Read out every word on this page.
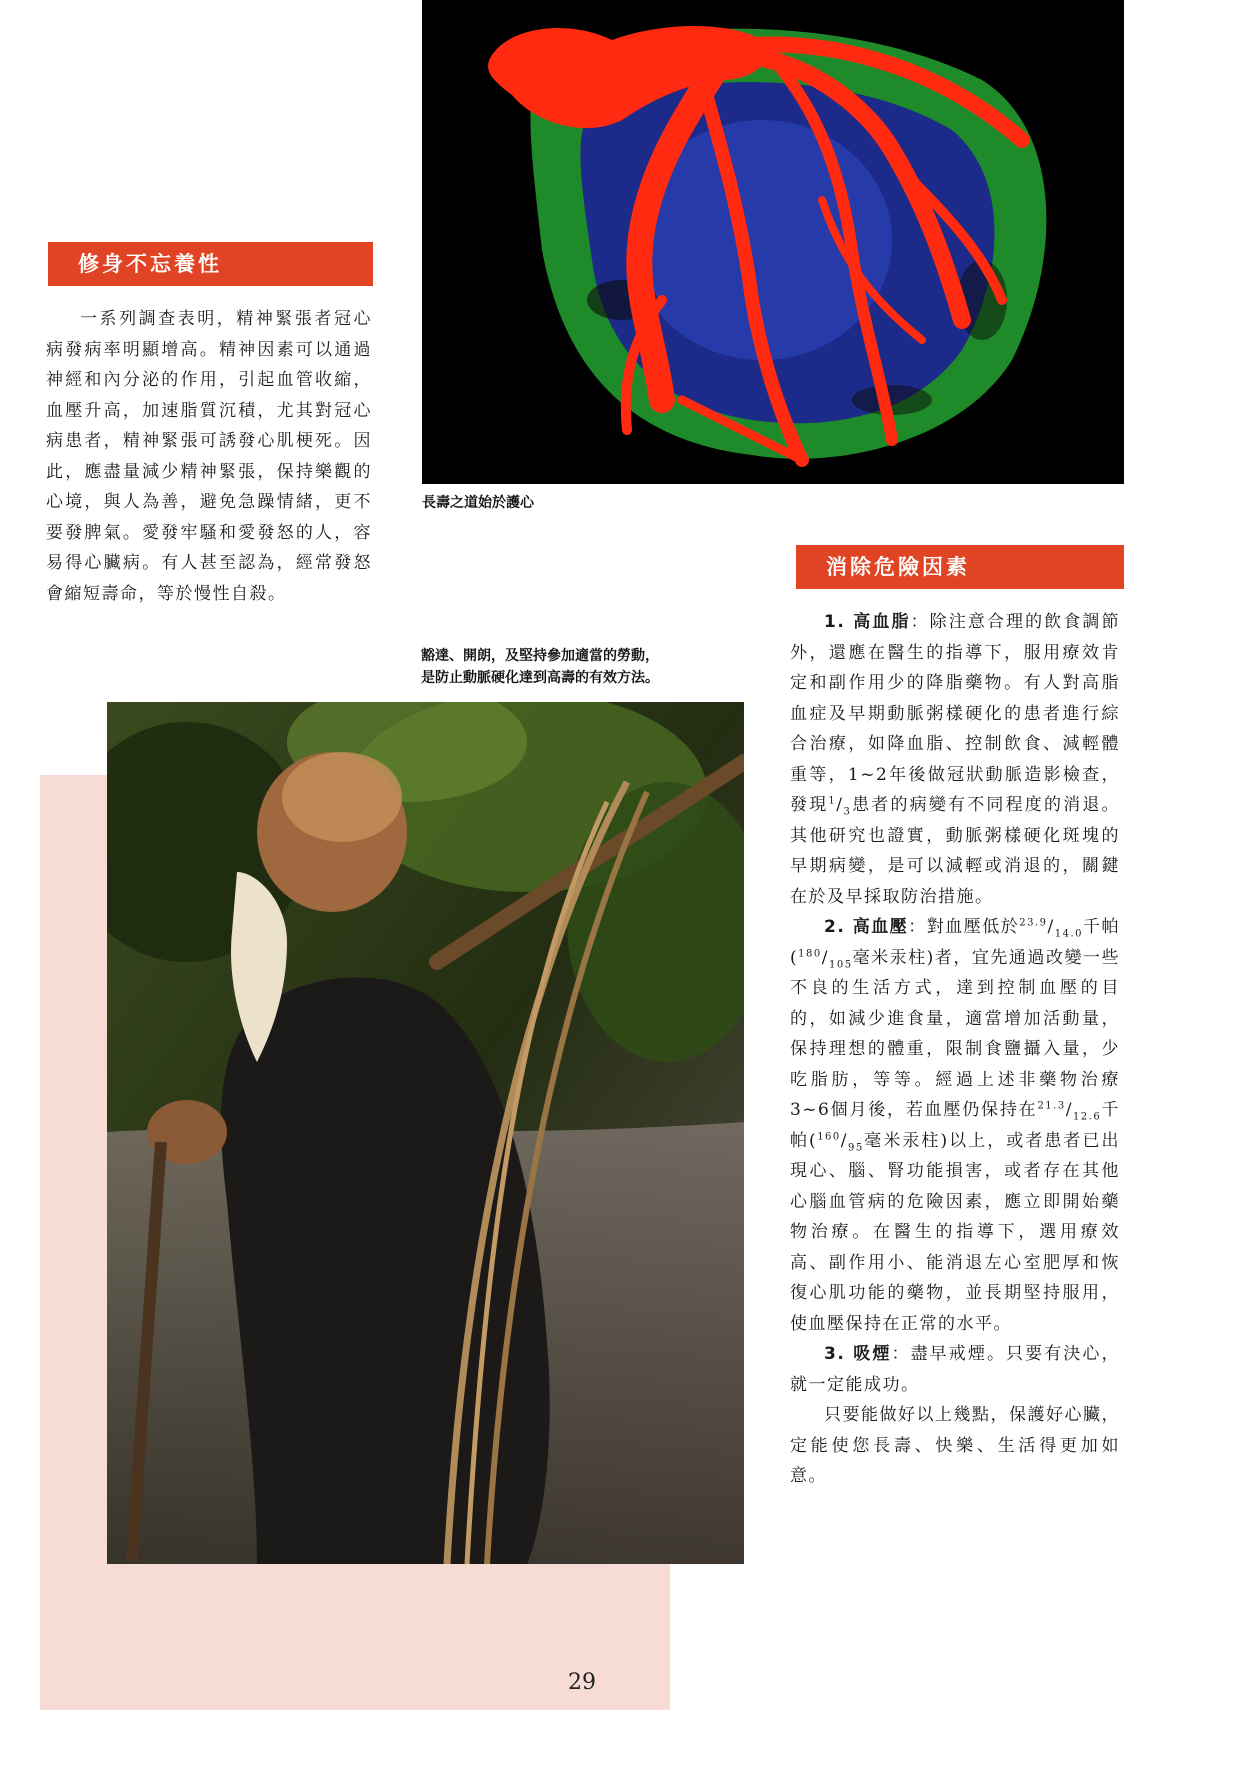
長壽之道始於護心

修身不忘養性

一系列調查表明，精神緊張者冠心病發病率明顯增高。精神因素可以通過神經和內分泌的作用，引起血管收縮，血壓升高，加速脂質沉積，尤其對冠心病患者，精神緊張可誘發心肌梗死。因此，應盡量減少精神緊張，保持樂觀的心境，與人為善，避免急躁情緒，更不要發脾氣。愛發牢騷和愛發怒的人，容易得心臟病。有人甚至認為，經常發怒會縮短壽命，等於慢性自殺。

豁達、開朗，及堅持參加適當的勞動，

是防止動脈硬化達到高壽的有效方法。

消除危險因素

1. 高血脂：除注意合理的飲食調節外，還應在醫生的指導下，服用療效肯定和副作用少的降脂藥物。有人對高脂血症及早期動脈粥樣硬化的患者進行綜合治療，如降血脂、控制飲食、減輕體重等，1~2年後做冠狀動脈造影檢查，發現$^1/_3$患者的病變有不同程度的消退。其他研究也證實，動脈粥樣硬化斑塊的早期病變，是可以減輕或消退的，關鍵在於及早採取防治措施。

2. 高血壓：對血壓低於$^{23.9}/_{14.0}$千帕($^{180}/_{105}$毫米汞柱)者，宜先通過改變一些不良的生活方式，達到控制血壓的目的，如減少進食量，適當增加活動量，保持理想的體重，限制食鹽攝入量，少吃脂肪，等等。經過上述非藥物治療3~6個月後，若血壓仍保持在$^{21.3}/_{12.6}$千帕($^{160}/_{95}$毫米汞柱)以上，或者患者已出現心、腦、腎功能損害，或者存在其他心腦血管病的危險因素，應立即開始藥物治療。在醫生的指導下，選用療效高、副作用小、能消退左心室肥厚和恢復心肌功能的藥物，並長期堅持服用，使血壓保持在正常的水平。

3. 吸煙：盡早戒煙。只要有決心，就一定能成功。

只要能做好以上幾點，保護好心臟，定能使您長壽、快樂、生活得更加如意。

29
